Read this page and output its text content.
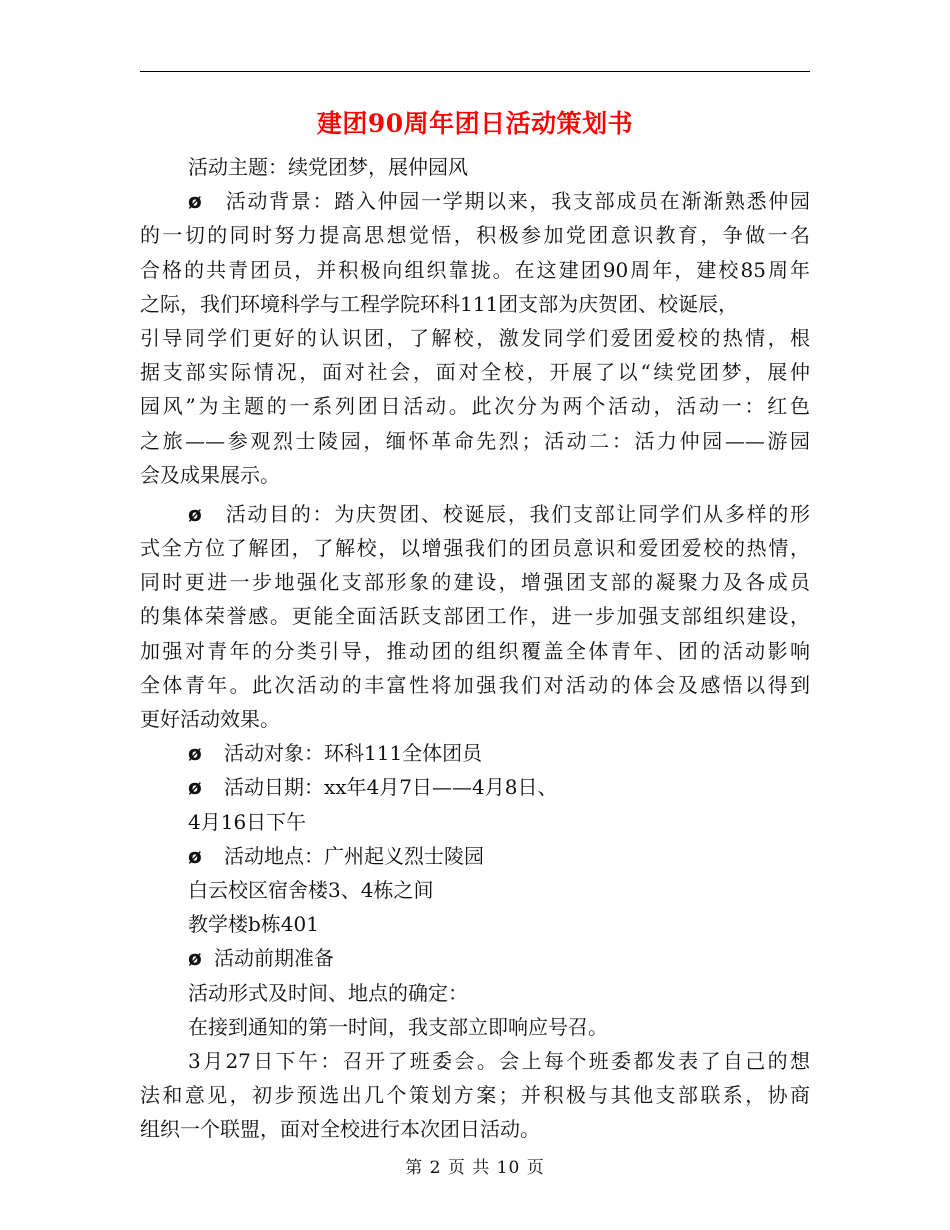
建团90周年团日活动策划书
活动主题：续党团梦，展仲园风
ø 活动背景：踏入仲园一学期以来，我支部成员在渐渐熟悉仲园
的一切的同时努力提高思想觉悟，积极参加党团意识教育，争做一名
合格的共青团员，并积极向组织靠拢。在这建团90周年，建校85周年
之际，我们环境科学与工程学院环科111团支部为庆贺团、校诞辰，
引导同学们更好的认识团，了解校，激发同学们爱团爱校的热情，根
据支部实际情况，面对社会，面对全校，开展了以“续党团梦，展仲
园风”为主题的一系列团日活动。此次分为两个活动，活动一：红色
之旅——参观烈士陵园，缅怀革命先烈；活动二：活力仲园——游园
会及成果展示。
ø 活动目的：为庆贺团、校诞辰，我们支部让同学们从多样的形
式全方位了解团，了解校，以增强我们的团员意识和爱团爱校的热情，
同时更进一步地强化支部形象的建设，增强团支部的凝聚力及各成员
的集体荣誉感。更能全面活跃支部团工作，进一步加强支部组织建设，
加强对青年的分类引导，推动团的组织覆盖全体青年、团的活动影响
全体青年。此次活动的丰富性将加强我们对活动的体会及感悟以得到
更好活动效果。
ø 活动对象：环科111全体团员
ø 活动日期：xx年4月7日——4月8日、
4月16日下午
ø 活动地点：广州起义烈士陵园
白云校区宿舍楼3、4栋之间
教学楼b栋401
ø 活动前期准备
活动形式及时间、地点的确定：
在接到通知的第一时间，我支部立即响应号召。
3月27日下午：召开了班委会。会上每个班委都发表了自己的想
法和意见，初步预选出几个策划方案；并积极与其他支部联系，协商
组织一个联盟，面对全校进行本次团日活动。
第 2 页 共 10 页
